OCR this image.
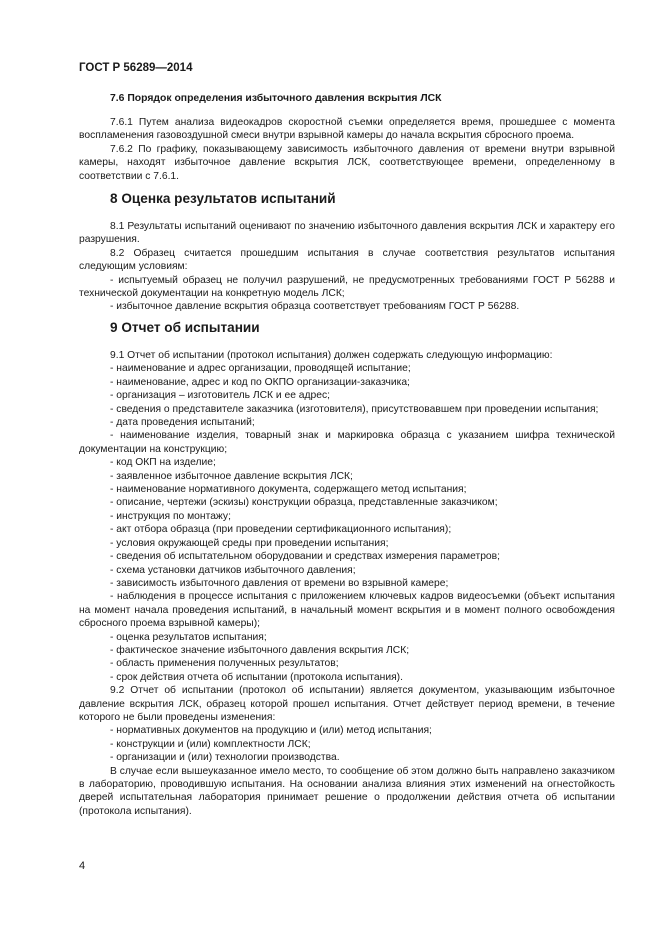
ГОСТ Р 56289—2014
7.6 Порядок определения избыточного давления вскрытия ЛСК

7.6.1 Путем анализа видеокадров скоростной съемки определяется время, прошедшее с момента воспламенения газовоздушной смеси внутри взрывной камеры до начала вскрытия сбросного проема.

7.6.2 По графику, показывающему зависимость избыточного давления от времени внутри взрывной камеры, находят избыточное давление вскрытия ЛСК, соответствующее времени, определенному в соответствии с 7.6.1.

8 Оценка результатов испытаний

8.1 Результаты испытаний оценивают по значению избыточного давления вскрытия ЛСК и характеру его разрушения.

8.2 Образец считается прошедшим испытания в случае соответствия результатов испытания следующим условиям:

- испытуемый образец не получил разрушений, не предусмотренных требованиями ГОСТ Р 56288 и технической документации на конкретную модель ЛСК;

- избыточное давление вскрытия образца соответствует требованиям ГОСТ Р 56288.

9 Отчет об испытании

9.1 Отчет об испытании (протокол испытания) должен содержать следующую информацию:

- наименование и адрес организации, проводящей испытание;

- наименование, адрес и код по ОКПО организации-заказчика;

- организация – изготовитель ЛСК и ее адрес;

- сведения о представителе заказчика (изготовителя), присутствовавшем при проведении испытания;

- дата проведения испытаний;

- наименование изделия, товарный знак и маркировка образца с указанием шифра технической документации на конструкцию;

- код ОКП на изделие;

- заявленное избыточное давление вскрытия ЛСК;

- наименование нормативного документа, содержащего метод испытания;

- описание, чертежи (эскизы) конструкции образца, представленные заказчиком;

- инструкция по монтажу;

- акт отбора образца (при проведении сертификационного испытания);

- условия окружающей среды при проведении испытания;

- сведения об испытательном оборудовании и средствах измерения параметров;

- схема установки датчиков избыточного давления;

- зависимость избыточного давления от времени во взрывной камере;

- наблюдения в процессе испытания с приложением ключевых кадров видеосъемки (объект испытания на момент начала проведения испытаний, в начальный момент вскрытия и в момент полного освобождения сбросного проема взрывной камеры);

- оценка результатов испытания;

- фактическое значение избыточного давления вскрытия ЛСК;

- область применения полученных результатов;

- срок действия отчета об испытании (протокола испытания).

9.2 Отчет об испытании (протокол об испытании) является документом, указывающим избыточное давление вскрытия ЛСК, образец которой прошел испытания. Отчет действует период времени, в течение которого не были проведены изменения:

- нормативных документов на продукцию и (или) метод испытания;

- конструкции и (или) комплектности ЛСК;

- организации и (или) технологии производства.

В случае если вышеуказанное имело место, то сообщение об этом должно быть направлено заказчиком в лабораторию, проводившую испытания. На основании анализа влияния этих изменений на огнестойкость дверей испытательная лаборатория принимает решение о продолжении действия отчета об испытании (протокола испытания).

4
